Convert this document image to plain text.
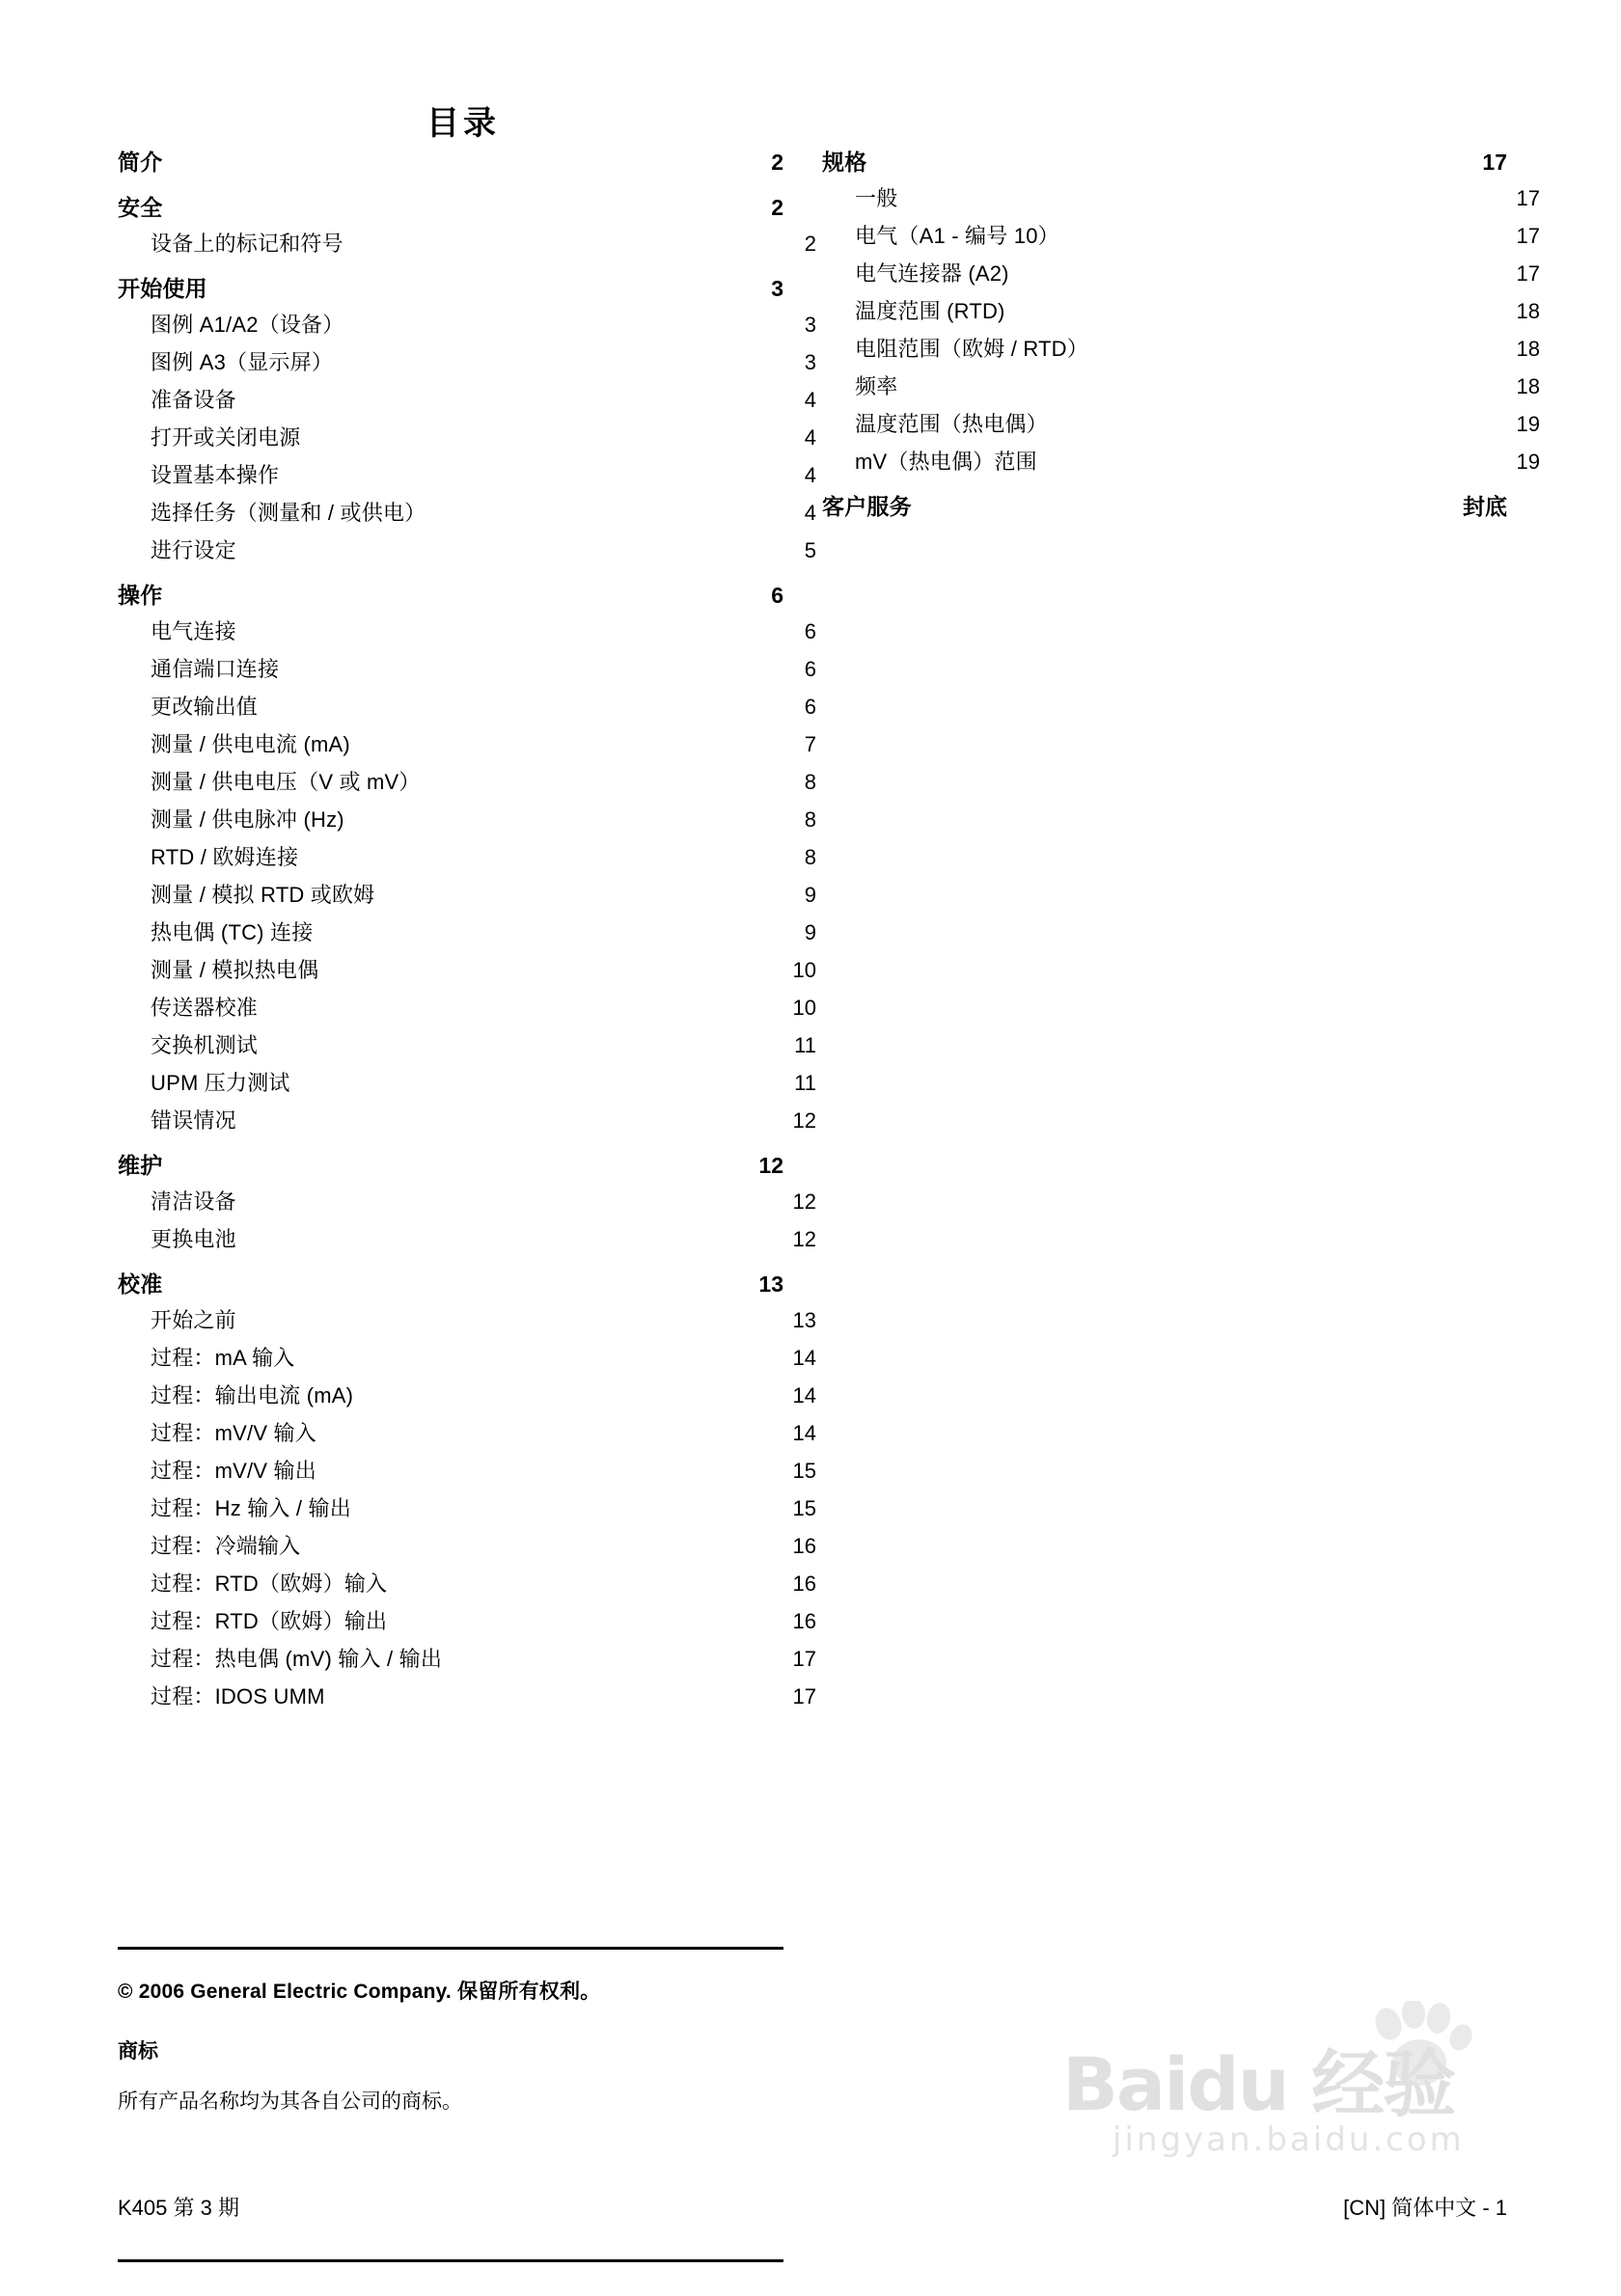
目录
简介 .....	2
安全 .....	2
设备上的标记和符号 .....	2
开始使用 .....	3
图例 A1/A2（设备） .....	3
图例 A3（显示屏） .....	3
准备设备 .....	4
打开或关闭电源 .....	4
设置基本操作 .....	4
选择任务（测量和 / 或供电） .....	4
进行设定 .....	5
操作 .....	6
电气连接 .....	6
通信端口连接 .....	6
更改输出值 .....	6
测量 / 供电电流 (mA) .....	7
测量 / 供电电压（V 或 mV） .....	8
测量 / 供电脉冲 (Hz) .....	8
RTD / 欧姆连接 .....	8
测量 / 模拟 RTD 或欧姆 .....	9
热电偶 (TC) 连接 .....	9
测量 / 模拟热电偶 .....	10
传送器校准 .....	10
交换机测试 .....	11
UPM 压力测试 .....	11
错误情况 .....	12
维护 .....	12
清洁设备 .....	12
更换电池 .....	12
校准 .....	13
开始之前 .....	13
过程：mA 输入 .....	14
过程：输出电流 (mA) .....	14
过程：mV/V 输入 .....	14
过程：mV/V 输出 .....	15
过程：Hz 输入 / 输出 .....	15
过程：冷端输入 .....	16
过程：RTD（欧姆）输入 .....	16
过程：RTD（欧姆）输出 .....	16
过程：热电偶 (mV) 输入 / 输出 .....	17
过程：IDOS UMM .....	17
规格 .....	17
一般 .....	17
电气（A1 - 编号 10） .....	17
电气连接器 (A2) .....	17
温度范围 (RTD) .....	18
电阻范围（欧姆 / RTD） .....	18
频率 .....	18
温度范围（热电偶） .....	19
mV（热电偶）范围 .....	19
客户服务 .....	封底
© 2006 General Electric Company. 保留所有权利。
商标
所有产品名称均为其各自公司的商标。
K405 第 3 期	[CN] 简体中文 - 1
Baidu 经验
jingyan.baidu.com
